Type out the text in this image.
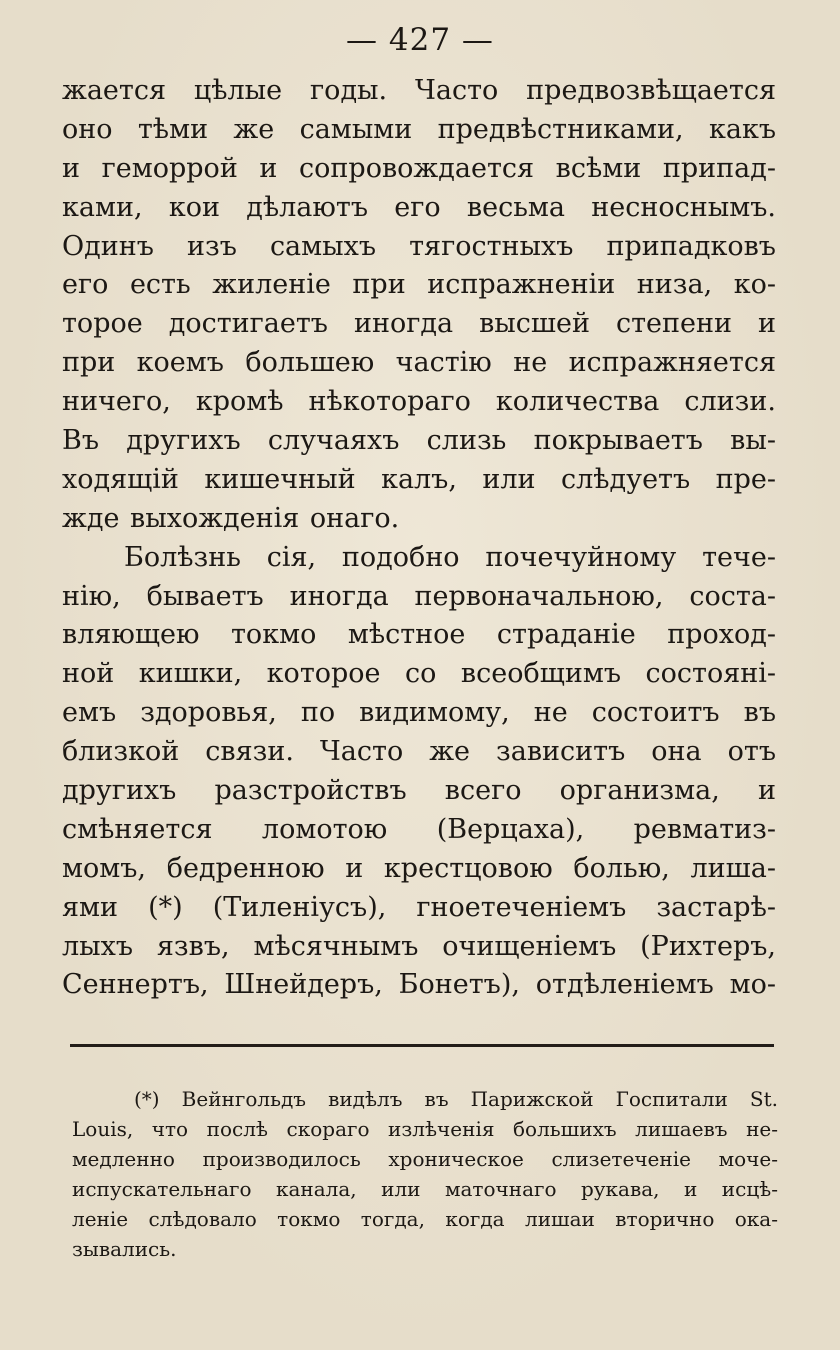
— 427 —
жается цѣлые годы. Часто предвозвѣщается
оно тѣми же самыми предвѣстниками, какъ
и геморрой и сопровождается всѣми припад-
ками, кои дѣлаютъ его весьма несноснымъ.
Одинъ изъ самыхъ тягостныхъ припадковъ
его есть жиленіе при испражненіи низа, ко-
торое достигаетъ иногда высшей степени и
при коемъ большею частію не испражняется
ничего, кромѣ нѣкотораго количества слизи.
Въ другихъ случаяхъ слизь покрываетъ вы-
ходящій кишечный калъ, или слѣдуетъ пре-
жде выхожденія онаго.
Болѣзнь сія, подобно почечуйному тече-
нію, бываетъ иногда первоначальною, соста-
вляющею токмо мѣстное страданіе проход-
ной кишки, которое со всеобщимъ состояні-
емъ здоровья, по видимому, не состоитъ въ
близкой связи. Часто же зависитъ она отъ
другихъ разстройствъ всего организма, и
смѣняется ломотою (Верцаха), ревматиз-
момъ, бедренною и крестцовою болью, лиша-
ями (*) (Тиленіусъ), гноетеченіемъ застарѣ-
лыхъ язвъ, мѣсячнымъ очищеніемъ (Рихтеръ,
Сеннертъ, Шнейдеръ, Бонетъ), отдѣленіемъ мо-
(*) Вейнгольдъ видѣлъ въ Парижской Госпитали St.
Louis, что послѣ скораго излѣченія большихъ лишаевъ не-
медленно производилось хроническое слизетеченіе моче-
испускательнаго канала, или маточнаго рукава, и исцѣ-
леніе слѣдовало токмо тогда, когда лишаи вторично ока-
зывались.
